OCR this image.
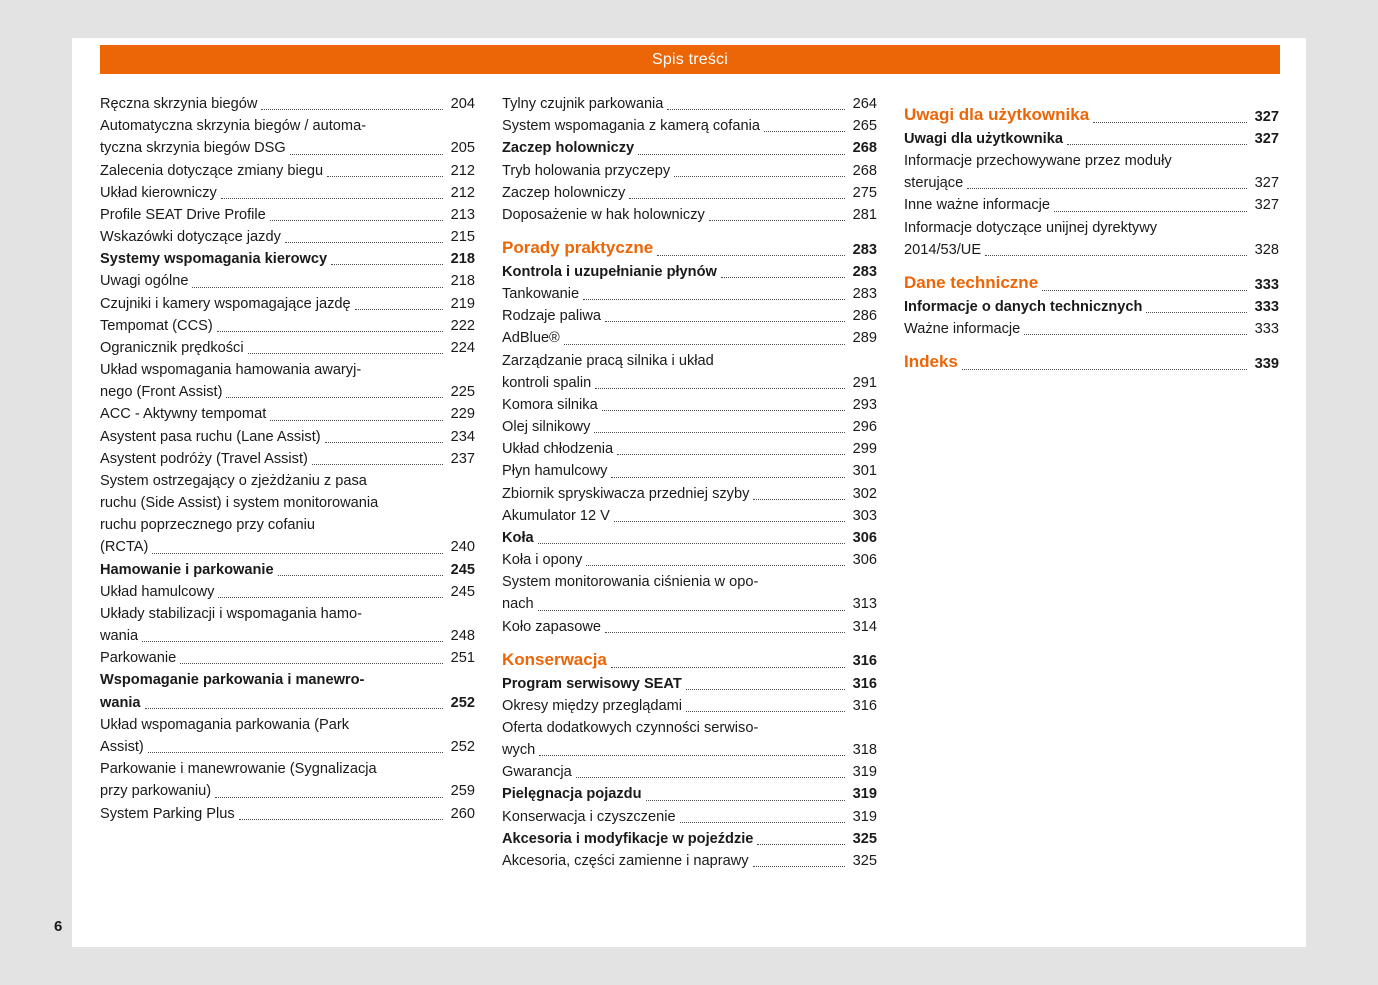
Spis treści
Ręczna skrzynia biegów	204
Automatyczna skrzynia biegów / automa-
tyczna skrzynia biegów DSG	205
Zalecenia dotyczące zmiany biegu	212
Układ kierowniczy	212
Profile SEAT Drive Profile	213
Wskazówki dotyczące jazdy	215
Systemy wspomagania kierowcy	218
Uwagi ogólne	218
Czujniki i kamery wspomagające jazdę	219
Tempomat (CCS)	222
Ogranicznik prędkości	224
Układ wspomagania hamowania awaryj-
nego (Front Assist)	225
ACC - Aktywny tempomat	229
Asystent pasa ruchu (Lane Assist)	234
Asystent podróży (Travel Assist)	237
System ostrzegający o zjeżdżaniu z pasa
ruchu (Side Assist) i system monitorowania
ruchu poprzecznego przy cofaniu
(RCTA)	240
Hamowanie i parkowanie	245
Układ hamulcowy	245
Układy stabilizacji i wspomagania hamo-
wania	248
Parkowanie	251
Wspomaganie parkowania i manewro-
wania	252
Układ wspomagania parkowania (Park
Assist)	252
Parkowanie i manewrowanie (Sygnalizacja
przy parkowaniu)	259
System Parking Plus	260
Tylny czujnik parkowania	264
System wspomagania z kamerą cofania	265
Zaczep holowniczy	268
Tryb holowania przyczepy	268
Zaczep holowniczy	275
Doposażenie w hak holowniczy	281
Porady praktyczne	283
Kontrola i uzupełnianie płynów	283
Tankowanie	283
Rodzaje paliwa	286
AdBlue®	289
Zarządzanie pracą silnika i układ
kontroli spalin	291
Komora silnika	293
Olej silnikowy	296
Układ chłodzenia	299
Płyn hamulcowy	301
Zbiornik spryskiwacza przedniej szyby	302
Akumulator 12 V	303
Koła	306
Koła i opony	306
System monitorowania ciśnienia w opo-
nach	313
Koło zapasowe	314
Konserwacja	316
Program serwisowy SEAT	316
Okresy między przeglądami	316
Oferta dodatkowych czynności serwiso-
wych	318
Gwarancja	319
Pielęgnacja pojazdu	319
Konserwacja i czyszczenie	319
Akcesoria i modyfikacje w pojeździe	325
Akcesoria, części zamienne i naprawy	325
Uwagi dla użytkownika	327
Uwagi dla użytkownika	327
Informacje przechowywane przez moduły
sterujące	327
Inne ważne informacje	327
Informacje dotyczące unijnej dyrektywy
2014/53/UE	328
Dane techniczne	333
Informacje o danych technicznych	333
Ważne informacje	333
Indeks	339
6
